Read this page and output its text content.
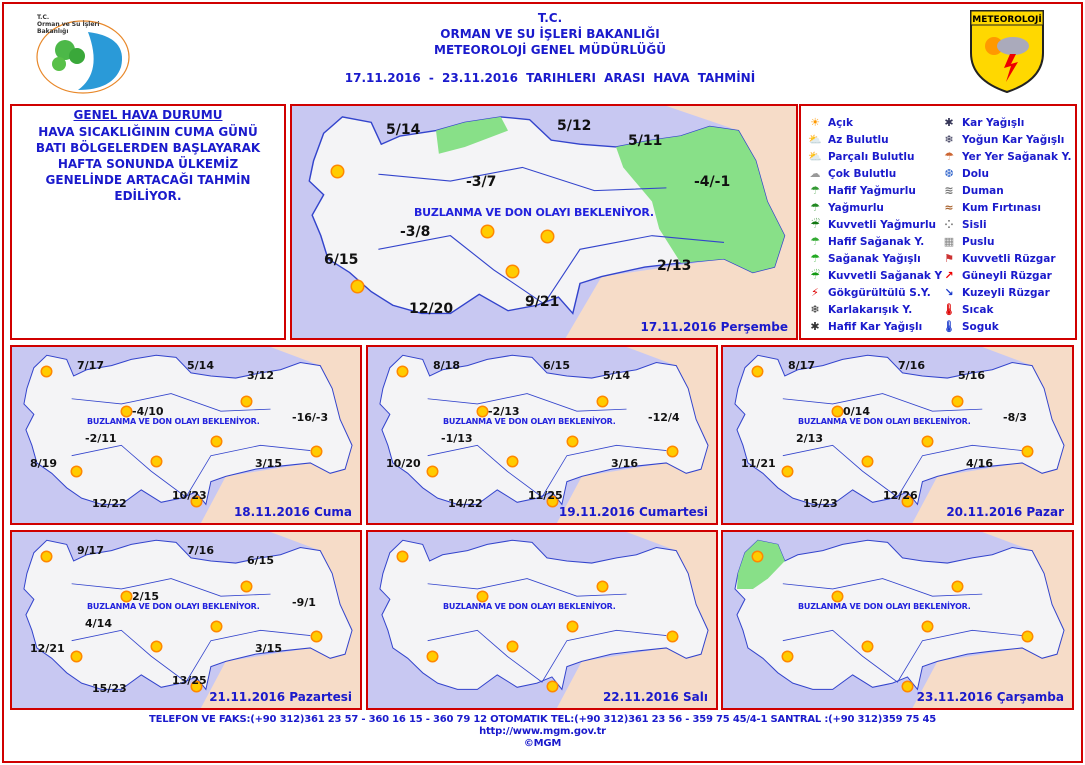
T.C.
Orman ve Su İşleri
Bakanlığı
T.C.
ORMAN VE SU İŞLERİ BAKANLIĞI
METEOROLOJİ GENEL MÜDÜRLÜĞÜ
17.11.2016 - 23.11.2016 TARIHLERI ARASI HAVA TAHMİNİ
METEOROLOJİ
GENEL HAVA DURUMU
HAVA SICAKLIĞININ CUMA GÜNÜ BATI BÖLGELERDEN BAŞLAYARAK HAFTA SONUNDA ÜLKEMİZ GENELİNDE ARTACAĞI TAHMİN EDİLİYOR.
5/14	5/12
5/11
-3/7	-4/-1
-3/8
6/15	2/13
12/20	9/21
BUZLANMA VE DON OLAYI BEKLENİYOR.
17.11.2016 Perşembe
☀ Açık
⛅ Az Bulutlu
⛅ Parçalı Bulutlu
☁ Çok Bulutlu
☂ Hafif Yağmurlu
☂ Yağmurlu
☔ Kuvvetli Yağmurlu
☂ Hafif Sağanak Y.
☂ Sağanak Yağışlı
☔ Kuvvetli Sağanak Y
⚡ Gökgürültülü S.Y.
❄ Karlakarışık Y.
✱ Hafif Kar Yağışlı
✱ Kar Yağışlı
❄ Yoğun Kar Yağışlı
☂ Yer Yer Sağanak Y.
❆ Dolu
≋ Duman
≈ Kum Fırtınası
⁘ Sisli
▦ Puslu
⚑ Kuvvetli Rüzgar
↗ Güneyli Rüzgar
↘ Kuzeyli Rüzgar
🌡 Sıcak
🌡 Soguk
7/17	5/14
3/12
-4/10	-16/-3
-2/11
8/19	3/15
10/23
12/22
BUZLANMA VE DON OLAYI BEKLENİYOR.
18.11.2016 Cuma
8/18	6/15
5/14
-2/13	-12/4
-1/13
10/20	3/16
11/25
14/22
BUZLANMA VE DON OLAYI BEKLENİYOR.
19.11.2016 Cumartesi
8/17	7/16
5/16
0/14	-8/3
2/13
11/21	4/16
12/26
15/23
BUZLANMA VE DON OLAYI BEKLENİYOR.
20.11.2016 Pazar
9/17	7/16
6/15
2/15	-9/1
4/14
12/21	3/15
13/25
15/23
BUZLANMA VE DON OLAYI BEKLENİYOR.
21.11.2016 Pazartesi
BUZLANMA VE DON OLAYI BEKLENİYOR.
22.11.2016 Salı
BUZLANMA VE DON OLAYI BEKLENİYOR.
23.11.2016 Çarşamba
TELEFON VE FAKS:(+90 312)361 23 57 - 360 16 15 - 360 79 12 OTOMATIK TEL:(+90 312)361 23 56 - 359 75 45/4-1 SANTRAL :(+90 312)359 75 45
http://www.mgm.gov.tr
©MGM
